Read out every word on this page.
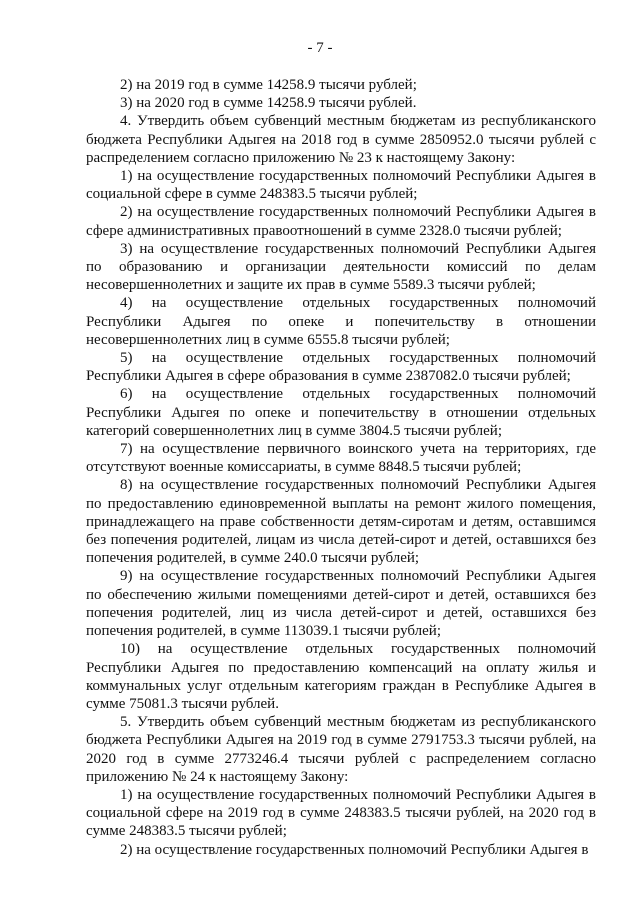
- 7 -

2) на 2019 год в сумме 14258.9 тысячи рублей;

3) на 2020 год в сумме 14258.9 тысячи рублей.

4. Утвердить объем субвенций местным бюджетам из республиканского бюджета Республики Адыгея на 2018 год в сумме 2850952.0 тысячи рублей с распределением согласно приложению № 23 к настоящему Закону:

1) на осуществление государственных полномочий Республики Адыгея в социальной сфере в сумме 248383.5 тысячи рублей;

2) на осуществление государственных полномочий Республики Адыгея в сфере административных правоотношений в сумме 2328.0 тысячи рублей;

3) на осуществление государственных полномочий Республики Адыгея по образованию и организации деятельности комиссий по делам несовершеннолетних и защите их прав в сумме 5589.3 тысячи рублей;

4) на осуществление отдельных государственных полномочий Республики Адыгея по опеке и попечительству в отношении несовершеннолетних лиц в сумме 6555.8 тысячи рублей;

5) на осуществление отдельных государственных полномочий Республики Адыгея в сфере образования в сумме 2387082.0 тысячи рублей;

6) на осуществление отдельных государственных полномочий Республики Адыгея по опеке и попечительству в отношении отдельных категорий совершеннолетних лиц в сумме 3804.5 тысячи рублей;

7) на осуществление первичного воинского учета на территориях, где отсутствуют военные комиссариаты, в сумме 8848.5 тысячи рублей;

8) на осуществление государственных полномочий Республики Адыгея по предоставлению единовременной выплаты на ремонт жилого помещения, принадлежащего на праве собственности детям-сиротам и детям, оставшимся без попечения родителей, лицам из числа детей-сирот и детей, оставшихся без попечения родителей, в сумме 240.0 тысячи рублей;

9) на осуществление государственных полномочий Республики Адыгея по обеспечению жилыми помещениями детей-сирот и детей, оставшихся без попечения родителей, лиц из числа детей-сирот и детей, оставшихся без попечения родителей, в сумме 113039.1 тысячи рублей;

10) на осуществление отдельных государственных полномочий Республики Адыгея по предоставлению компенсаций на оплату жилья и коммунальных услуг отдельным категориям граждан в Республике Адыгея в сумме 75081.3 тысячи рублей.

5. Утвердить объем субвенций местным бюджетам из республиканского бюджета Республики Адыгея на 2019 год в сумме 2791753.3 тысячи рублей, на 2020 год в сумме 2773246.4 тысячи рублей с распределением согласно приложению № 24 к настоящему Закону:

1) на осуществление государственных полномочий Республики Адыгея в социальной сфере на 2019 год в сумме 248383.5 тысячи рублей, на 2020 год в сумме 248383.5 тысячи рублей;

2) на осуществление государственных полномочий Республики Адыгея в
